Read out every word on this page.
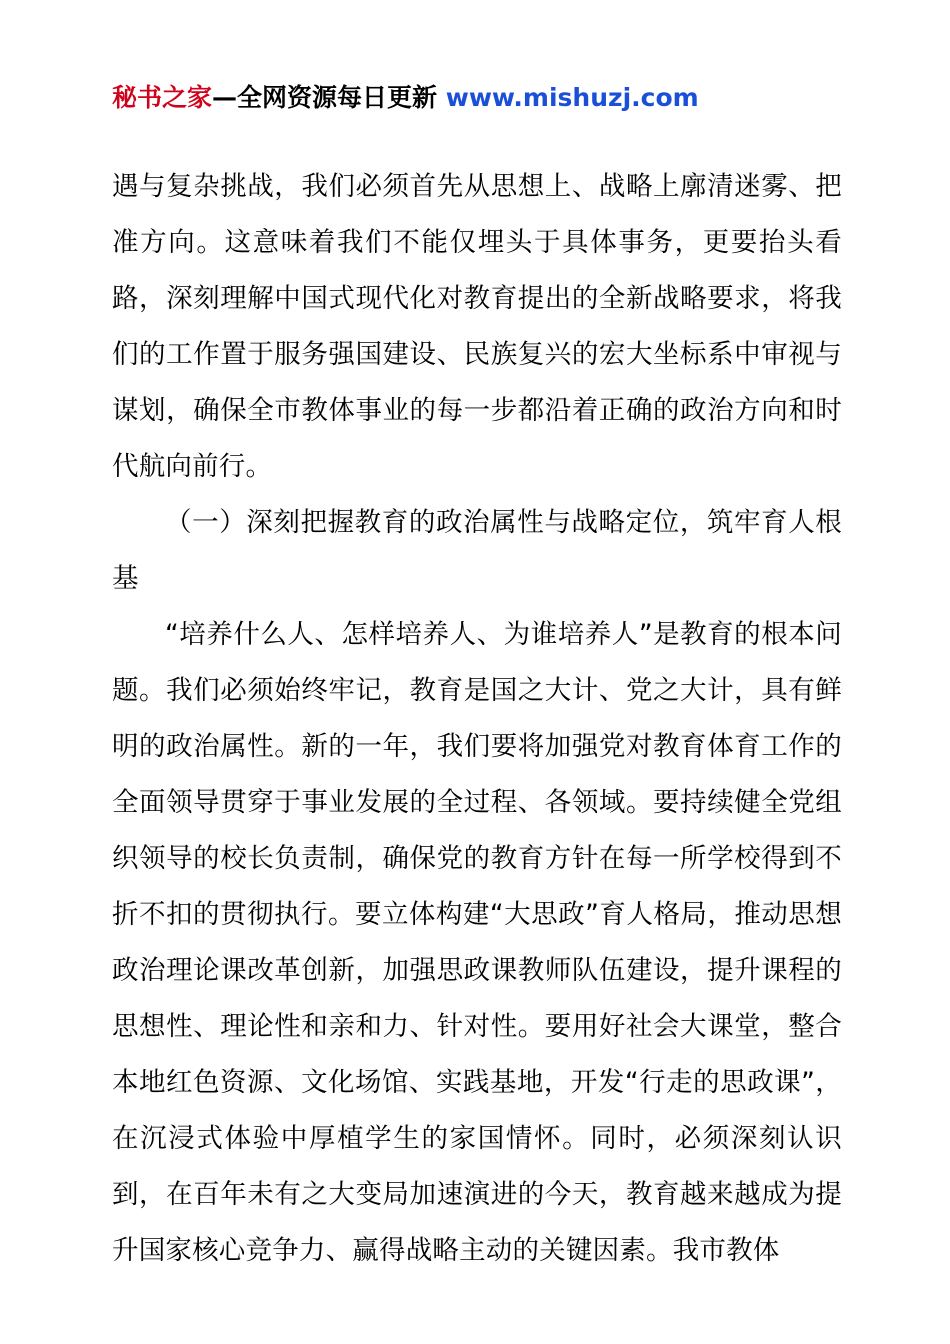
秘书之家—全网资源每日更新 www.mishuzj.com

遇与复杂挑战，我们必须首先从思想上、战略上廓清迷雾、把准方向。这意味着我们不能仅埋头于具体事务，更要抬头看路，深刻理解中国式现代化对教育提出的全新战略要求，将我们的工作置于服务强国建设、民族复兴的宏大坐标系中审视与谋划，确保全市教体事业的每一步都沿着正确的政治方向和时代航向前行。

（一）深刻把握教育的政治属性与战略定位，筑牢育人根基

“培养什么人、怎样培养人、为谁培养人”是教育的根本问题。我们必须始终牢记，教育是国之大计、党之大计，具有鲜明的政治属性。新的一年，我们要将加强党对教育体育工作的全面领导贯穿于事业发展的全过程、各领域。要持续健全党组织领导的校长负责制，确保党的教育方针在每一所学校得到不折不扣的贯彻执行。要立体构建“大思政”育人格局，推动思想政治理论课改革创新，加强思政课教师队伍建设，提升课程的思想性、理论性和亲和力、针对性。要用好社会大课堂，整合本地红色资源、文化场馆、实践基地，开发“行走的思政课”，在沉浸式体验中厚植学生的家国情怀。同时，必须深刻认识到，在百年未有之大变局加速演进的今天，教育越来越成为提升国家核心竞争力、赢得战略主动的关键因素。我市教体
